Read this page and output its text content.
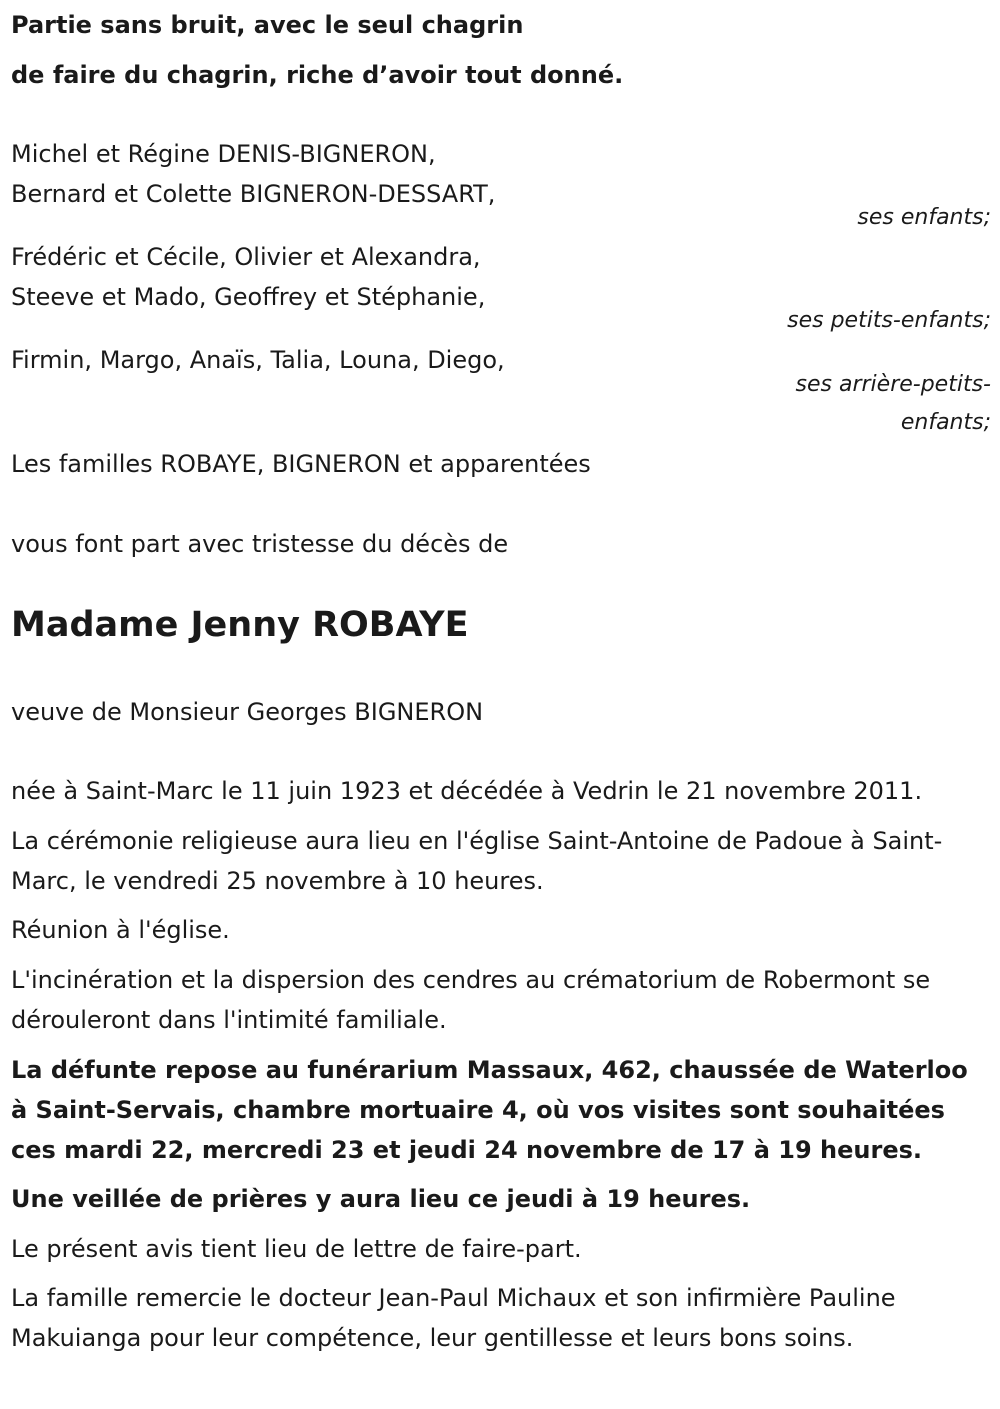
Partie sans bruit, avec le seul chagrin
de faire du chagrin, riche d’avoir tout donné.
Michel et Régine DENIS-BIGNERON,
Bernard et Colette BIGNERON-DESSART,
ses enfants;
Frédéric et Cécile, Olivier et Alexandra,
Steeve et Mado, Geoffrey et Stéphanie,
ses petits-enfants;
Firmin, Margo, Anaïs, Talia, Louna, Diego,
ses arrière-petits-
enfants;
Les familles ROBAYE, BIGNERON et apparentées
vous font part avec tristesse du décès de
Madame Jenny ROBAYE
veuve de Monsieur Georges BIGNERON

née à Saint-Marc le 11 juin 1923 et décédée à Vedrin le 21 novembre 2011.

La cérémonie religieuse aura lieu en l'église Saint-Antoine de Padoue à Saint-Marc, le vendredi 25 novembre à 10 heures.

Réunion à l'église.

L'incinération et la dispersion des cendres au crématorium de Robermont se dérouleront dans l'intimité familiale.

La défunte repose au funérarium Massaux, 462, chaussée de Waterloo à Saint-Servais, chambre mortuaire 4, où vos visites sont souhaitées ces mardi 22, mercredi 23 et jeudi 24 novembre de 17 à 19 heures.

Une veillée de prières y aura lieu ce jeudi à 19 heures.

Le présent avis tient lieu de lettre de faire-part.

La famille remercie le docteur Jean-Paul Michaux et son infirmière Pauline Makuianga pour leur compétence, leur gentillesse et leurs bons soins.
